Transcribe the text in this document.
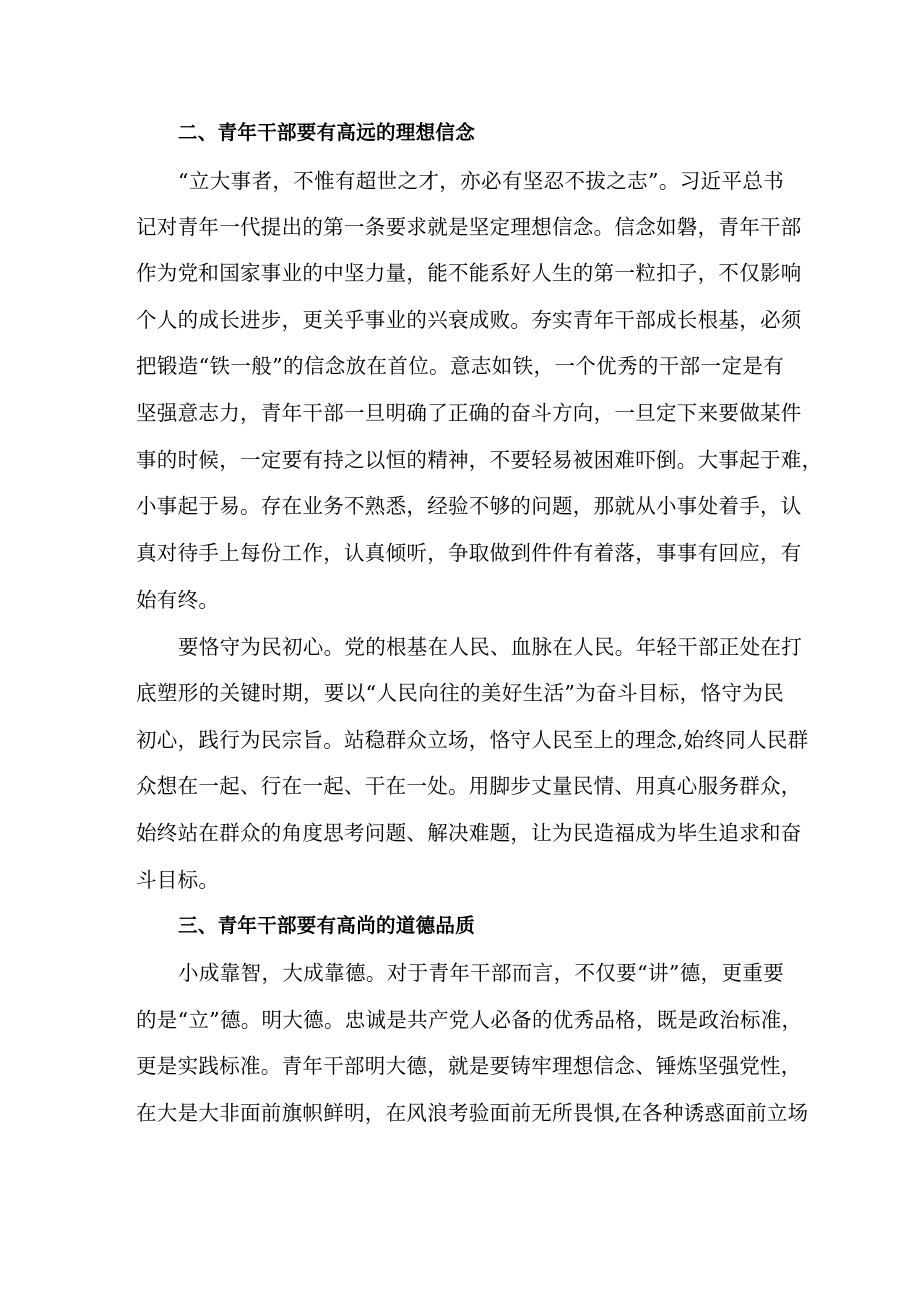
二、青年干部要有高远的理想信念
“立大事者，不惟有超世之才，亦必有坚忍不拔之志”。习近平总书
记对青年一代提出的第一条要求就是坚定理想信念。信念如磐，青年干部
作为党和国家事业的中坚力量，能不能系好人生的第一粒扣子，不仅影响
个人的成长进步，更关乎事业的兴衰成败。夯实青年干部成长根基，必须
把锻造“铁一般”的信念放在首位。意志如铁，一个优秀的干部一定是有
坚强意志力，青年干部一旦明确了正确的奋斗方向，一旦定下来要做某件
事的时候，一定要有持之以恒的精神，不要轻易被困难吓倒。大事起于难，
小事起于易。存在业务不熟悉，经验不够的问题，那就从小事处着手，认
真对待手上每份工作，认真倾听，争取做到件件有着落，事事有回应，有
始有终。
要恪守为民初心。党的根基在人民、血脉在人民。年轻干部正处在打
底塑形的关键时期，要以“人民向往的美好生活”为奋斗目标，恪守为民
初心，践行为民宗旨。站稳群众立场，恪守人民至上的理念,始终同人民群
众想在一起、行在一起、干在一处。用脚步丈量民情、用真心服务群众，
始终站在群众的角度思考问题、解决难题，让为民造福成为毕生追求和奋
斗目标。
三、青年干部要有高尚的道德品质
小成靠智，大成靠德。对于青年干部而言，不仅要“讲”德，更重要
的是“立”德。明大德。忠诚是共产党人必备的优秀品格，既是政治标准，
更是实践标准。青年干部明大德，就是要铸牢理想信念、锤炼坚强党性，
在大是大非面前旗帜鲜明，在风浪考验面前无所畏惧,在各种诱惑面前立场
